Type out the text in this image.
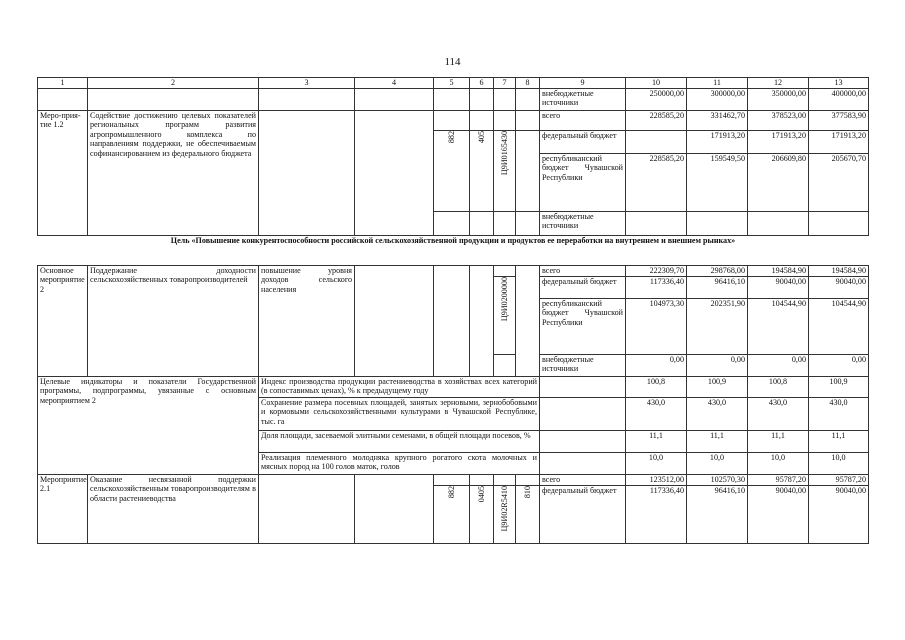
114
1	2	3	4	5	6	7	8	9	10	11	12	13
								внебюджетные источники	250000,00	300000,00	350000,00	400000,00
Меро-прия-тие 1.2	Содействие достижению целевых показателей региональных программ развития агропромышленного комплекса по направлениям поддержки, не обеспечиваемым софинансированием из федерального бюджета							всего	228585,20	331462,70	378523,00	377583,90
				882	405	Ц9И0165430		федеральный бюджет		171913,20	171913,20	171913,20
								республиканский бюджет Чувашской Республики	228585,20	159549,50	206609,80	205670,70
								внебюджетные источники				
Цель «Повышение конкурентоспособности российской сельскохозяйственной продукции и продуктов ее переработки на внутреннем и внешнем рынках»												
Основное мероприятие 2	Поддержание доходности сельскохозяйственных товаропроизводителей	повышение уровня доходов сельского населения						всего	222309,70	298768,00	194584,90	194584,90
						Ц9И0200000		федеральный бюджет	117336,40	96416,10	90040,00	90040,00
								республиканский бюджет Чувашской Республики	104973,30	202351,90	104544,90	104544,90
								внебюджетные источники	0,00	0,00	0,00	0,00
Целевые индикаторы и показатели Государственной программы, подпрограммы, увязанные с основным мероприятием 2		Индекс производства продукции растениеводства в хозяйствах всех категорий (в сопоставимых ценах), % к предыдущему году							100,8	100,9	100,8	100,9
		Сохранение размера посевных площадей, занятых зерновыми, зернобобовыми и кормовыми сельскохозяйственными культурами в Чувашской Республике, тыс. га							430,0	430,0	430,0	430,0
		Доля площади, засеваемой элитными семенами, в общей площади посевов, %							11,1	11,1	11,1	11,1
		Реализация племенного молодняка крупного рогатого скота молочных и мясных пород на 100 голов маток, голов							10,0	10,0	10,0	10,0
Мероприятие 2.1	Оказание несвязанной поддержки сельскохозяйственным товаропроизводителям в области растениеводства							всего	123512,00	102570,30	95787,20	95787,20
				882	0405	Ц9И02R5410	810	федеральный бюджет	117336,40	96416,10	90040,00	90040,00
